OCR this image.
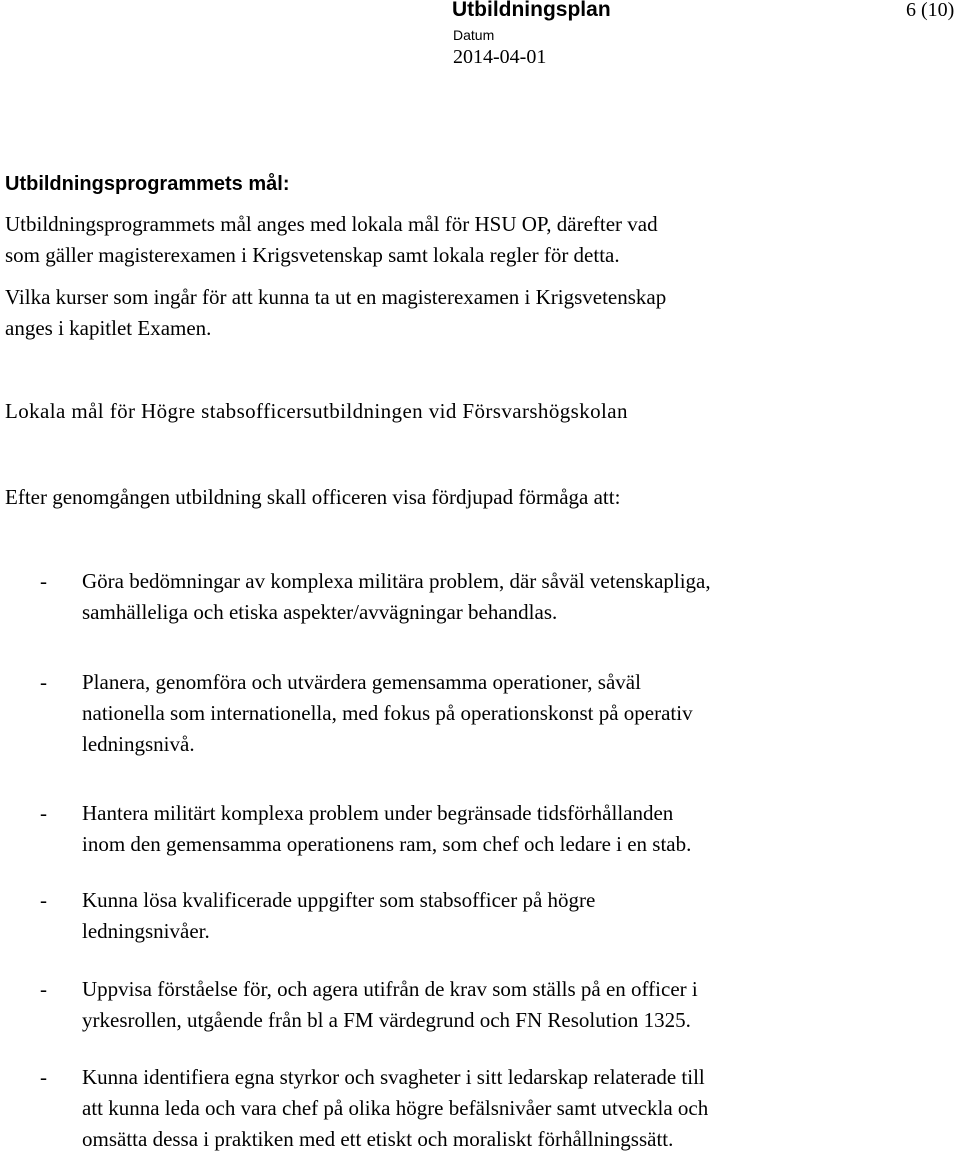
Utbildningsplan	6 (10)
Datum
2014-04-01
Utbildningsprogrammets mål:

Utbildningsprogrammets mål anges med lokala mål för HSU OP, därefter vad
som gäller magisterexamen i Krigsvetenskap samt lokala regler för detta.

Vilka kurser som ingår för att kunna ta ut en magisterexamen i Krigsvetenskap
anges i kapitlet Examen.

Lokala mål för Högre stabsofficersutbildningen vid Försvarshögskolan
Efter genomgången utbildning skall officeren visa fördjupad förmåga att:
- Göra bedömningar av komplexa militära problem, där såväl vetenskapliga,
samhälleliga och etiska aspekter/avvägningar behandlas.
- Planera, genomföra och utvärdera gemensamma operationer, såväl
nationella som internationella, med fokus på operationskonst på operativ
ledningsnivå.
- Hantera militärt komplexa problem under begränsade tidsförhållanden
inom den gemensamma operationens ram, som chef och ledare i en stab.
- Kunna lösa kvalificerade uppgifter som stabsofficer på högre
ledningsnivåer.
- Uppvisa förståelse för, och agera utifrån de krav som ställs på en officer i
yrkesrollen, utgående från bl a FM värdegrund och FN Resolution 1325.
- Kunna identifiera egna styrkor och svagheter i sitt ledarskap relaterade till
att kunna leda och vara chef på olika högre befälsnivåer samt utveckla och
omsätta dessa i praktiken med ett etiskt och moraliskt förhållningssätt.
